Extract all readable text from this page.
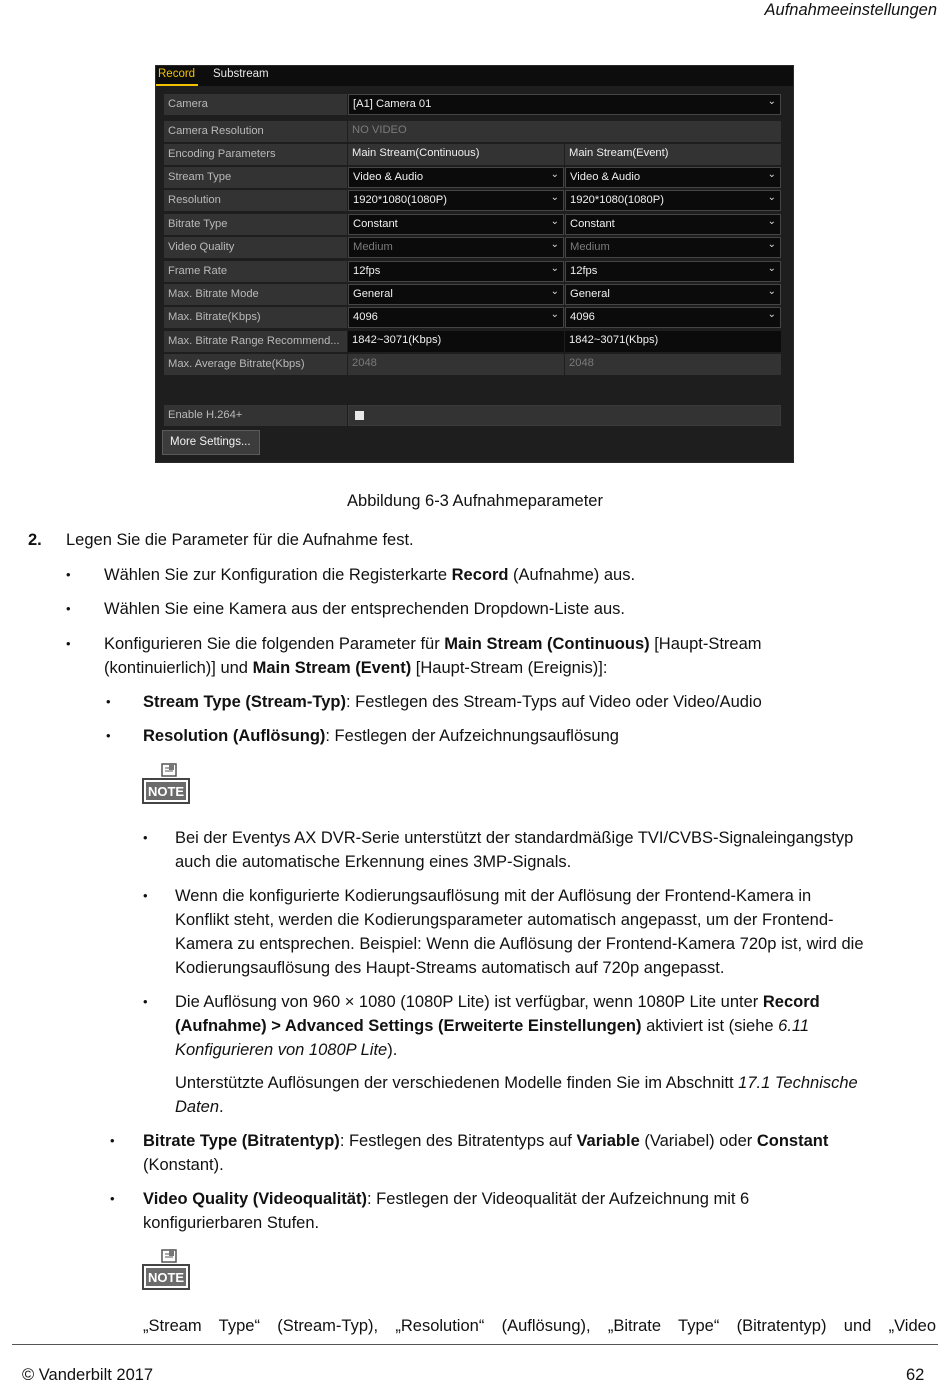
Aufnahmeeinstellungen
Record Substream
Camera	[A1] Camera 01	⌄
Camera Resolution	NO VIDEO
Encoding Parameters	Main Stream(Continuous)	Main Stream(Event)
Stream Type	Video & Audio	⌄ Video & Audio	⌄
Resolution	1920*1080(1080P)	⌄ 1920*1080(1080P)	⌄
Bitrate Type	Constant	⌄ Constant	⌄
Video Quality	Medium	⌄ Medium	⌄
Frame Rate	12fps	⌄ 12fps	⌄
Max. Bitrate Mode	General	⌄ General	⌄
Max. Bitrate(Kbps)	4096	⌄ 4096	⌄
Max. Bitrate Range Recommend...	1842~3071(Kbps)	1842~3071(Kbps)
Max. Average Bitrate(Kbps)	2048	2048
Enable H.264+
More Settings...
Abbildung 6-3 Aufnahmeparameter
2. Legen Sie die Parameter für die Aufnahme fest.
• Wählen Sie zur Konfiguration die Registerkarte Record (Aufnahme) aus.
• Wählen Sie eine Kamera aus der entsprechenden Dropdown-Liste aus.
• Konfigurieren Sie die folgenden Parameter für Main Stream (Continuous) [Haupt-Stream
(kontinuierlich)] und Main Stream (Event) [Haupt-Stream (Ereignis)]:
• Stream Type (Stream-Typ): Festlegen des Stream-Typs auf Video oder Video/Audio
• Resolution (Auflösung): Festlegen der Aufzeichnungsauflösung
NOTE
• Bei der Eventys AX DVR-Serie unterstützt der standardmäßige TVI/CVBS-Signaleingangstyp
auch die automatische Erkennung eines 3MP-Signals.
• Wenn die konfigurierte Kodierungsauflösung mit der Auflösung der Frontend-Kamera in
Konflikt steht, werden die Kodierungsparameter automatisch angepasst, um der Frontend-
Kamera zu entsprechen. Beispiel: Wenn die Auflösung der Frontend-Kamera 720p ist, wird die
Kodierungsauflösung des Haupt-Streams automatisch auf 720p angepasst.
• Die Auflösung von 960 × 1080 (1080P Lite) ist verfügbar, wenn 1080P Lite unter Record
(Aufnahme) > Advanced Settings (Erweiterte Einstellungen) aktiviert ist (siehe 6.11
Konfigurieren von 1080P Lite).
Unterstützte Auflösungen der verschiedenen Modelle finden Sie im Abschnitt 17.1 Technische
Daten.
• Bitrate Type (Bitratentyp): Festlegen des Bitratentyps auf Variable (Variabel) oder Constant
(Konstant).
• Video Quality (Videoqualität): Festlegen der Videoqualität der Aufzeichnung mit 6
konfigurierbaren Stufen.
NOTE
„Stream Type“ (Stream-Typ), „Resolution“ (Auflösung), „Bitrate Type“ (Bitratentyp) und „Video
© Vanderbilt 2017	62
